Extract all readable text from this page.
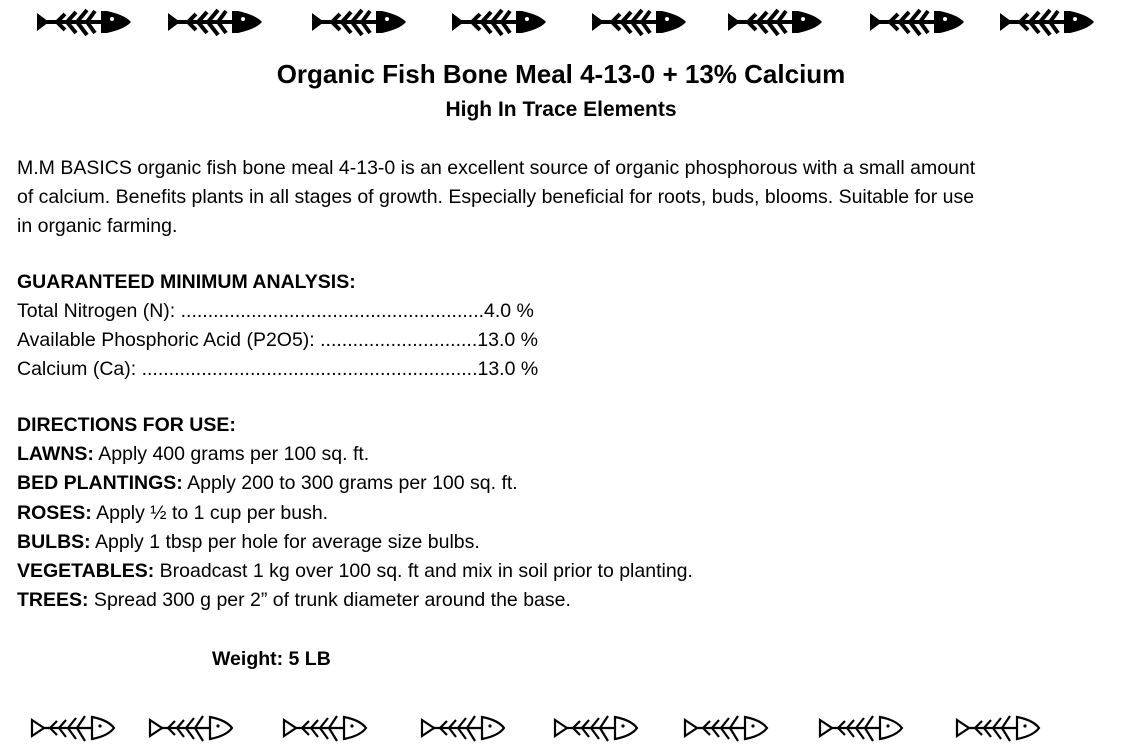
Organic Fish Bone Meal 4-13-0 + 13% Calcium
High In Trace Elements
M.M BASICS organic fish bone meal 4-13-0 is an excellent source of organic phosphorous with a small amount
of calcium. Benefits plants in all stages of growth. Especially beneficial for roots, buds, blooms. Suitable for use
in organic farming.
GUARANTEED MINIMUM ANALYSIS:
Total Nitrogen (N): ........................................................4.0 %
Available Phosphoric Acid (P2O5): .............................13.0 %
Calcium (Ca): ..............................................................13.0 %
DIRECTIONS FOR USE:
LAWNS: Apply 400 grams per 100 sq. ft.
BED PLANTINGS: Apply 200 to 300 grams per 100 sq. ft.
ROSES: Apply ½ to 1 cup per bush.
BULBS: Apply 1 tbsp per hole for average size bulbs.
VEGETABLES: Broadcast 1 kg over 100 sq. ft and mix in soil prior to planting.
TREES: Spread 300 g per 2” of trunk diameter around the base.
Weight: 5 LB
